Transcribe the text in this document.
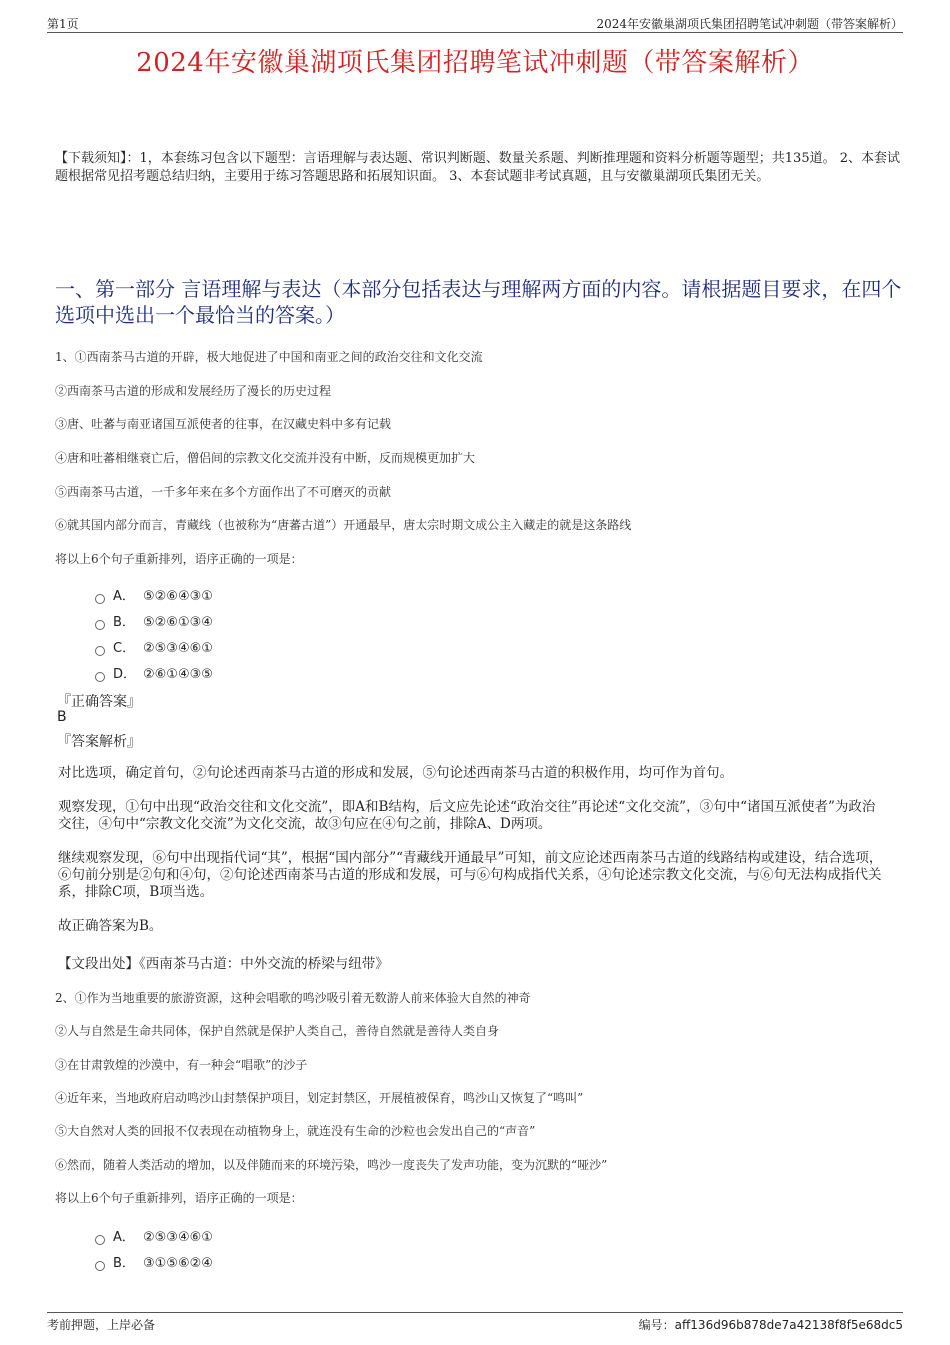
第1页	2024年安徽巢湖项氏集团招聘笔试冲刺题（带答案解析）
2024年安徽巢湖项氏集团招聘笔试冲刺题（带答案解析）
【下载须知】：1，本套练习包含以下题型：言语理解与表达题、常识判断题、数量关系题、判断推理题和资料分析题等题型；共135道。 2、本套试题根据常见招考题总结归纳，主要用于练习答题思路和拓展知识面。 3、本套试题非考试真题，且与安徽巢湖项氏集团无关。
一、第一部分 言语理解与表达（本部分包括表达与理解两方面的内容。请根据题目要求，在四个选项中选出一个最恰当的答案。）
1、①西南茶马古道的开辟，极大地促进了中国和南亚之间的政治交往和文化交流
②西南茶马古道的形成和发展经历了漫长的历史过程
③唐、吐蕃与南亚诸国互派使者的往事，在汉藏史料中多有记载
④唐和吐蕃相继衰亡后，僧侣间的宗教文化交流并没有中断，反而规模更加扩大
⑤西南茶马古道，一千多年来在多个方面作出了不可磨灭的贡献
⑥就其国内部分而言，青藏线（也被称为“唐蕃古道”）开通最早，唐太宗时期文成公主入藏走的就是这条路线
将以上6个句子重新排列，语序正确的一项是：
A． ⑤②⑥④③①
B． ⑤②⑥①③④
C． ②⑤③④⑥①
D． ②⑥①④③⑤
『正确答案』
B
『答案解析』
对比选项，确定首句，②句论述西南茶马古道的形成和发展，⑤句论述西南茶马古道的积极作用，均可作为首句。
观察发现，①句中出现“政治交往和文化交流”，即A和B结构，后文应先论述“政治交往”再论述“文化交流”，③句中“诸国互派使者”为政治交往，④句中“宗教文化交流”为文化交流，故③句应在④句之前，排除A、D两项。
继续观察发现，⑥句中出现指代词“其”，根据“国内部分”“青藏线开通最早”可知，前文应论述西南茶马古道的线路结构或建设，结合选项，⑥句前分别是②句和④句，②句论述西南茶马古道的形成和发展，可与⑥句构成指代关系，④句论述宗教文化交流，与⑥句无法构成指代关系，排除C项，B项当选。
故正确答案为B。
【文段出处】《西南茶马古道：中外交流的桥梁与纽带》
2、①作为当地重要的旅游资源，这种会唱歌的鸣沙吸引着无数游人前来体验大自然的神奇
②人与自然是生命共同体，保护自然就是保护人类自己，善待自然就是善待人类自身
③在甘肃敦煌的沙漠中，有一种会“唱歌”的沙子
④近年来，当地政府启动鸣沙山封禁保护项目，划定封禁区，开展植被保育，鸣沙山又恢复了“鸣叫”
⑤大自然对人类的回报不仅表现在动植物身上，就连没有生命的沙粒也会发出自己的“声音”
⑥然而，随着人类活动的增加，以及伴随而来的环境污染，鸣沙一度丧失了发声功能，变为沉默的“哑沙”
将以上6个句子重新排列，语序正确的一项是：
A． ②⑤③④⑥①
B． ③①⑤⑥②④
考前押题，上岸必备	编号：aff136d96b878de7a42138f8f5e68dc5
